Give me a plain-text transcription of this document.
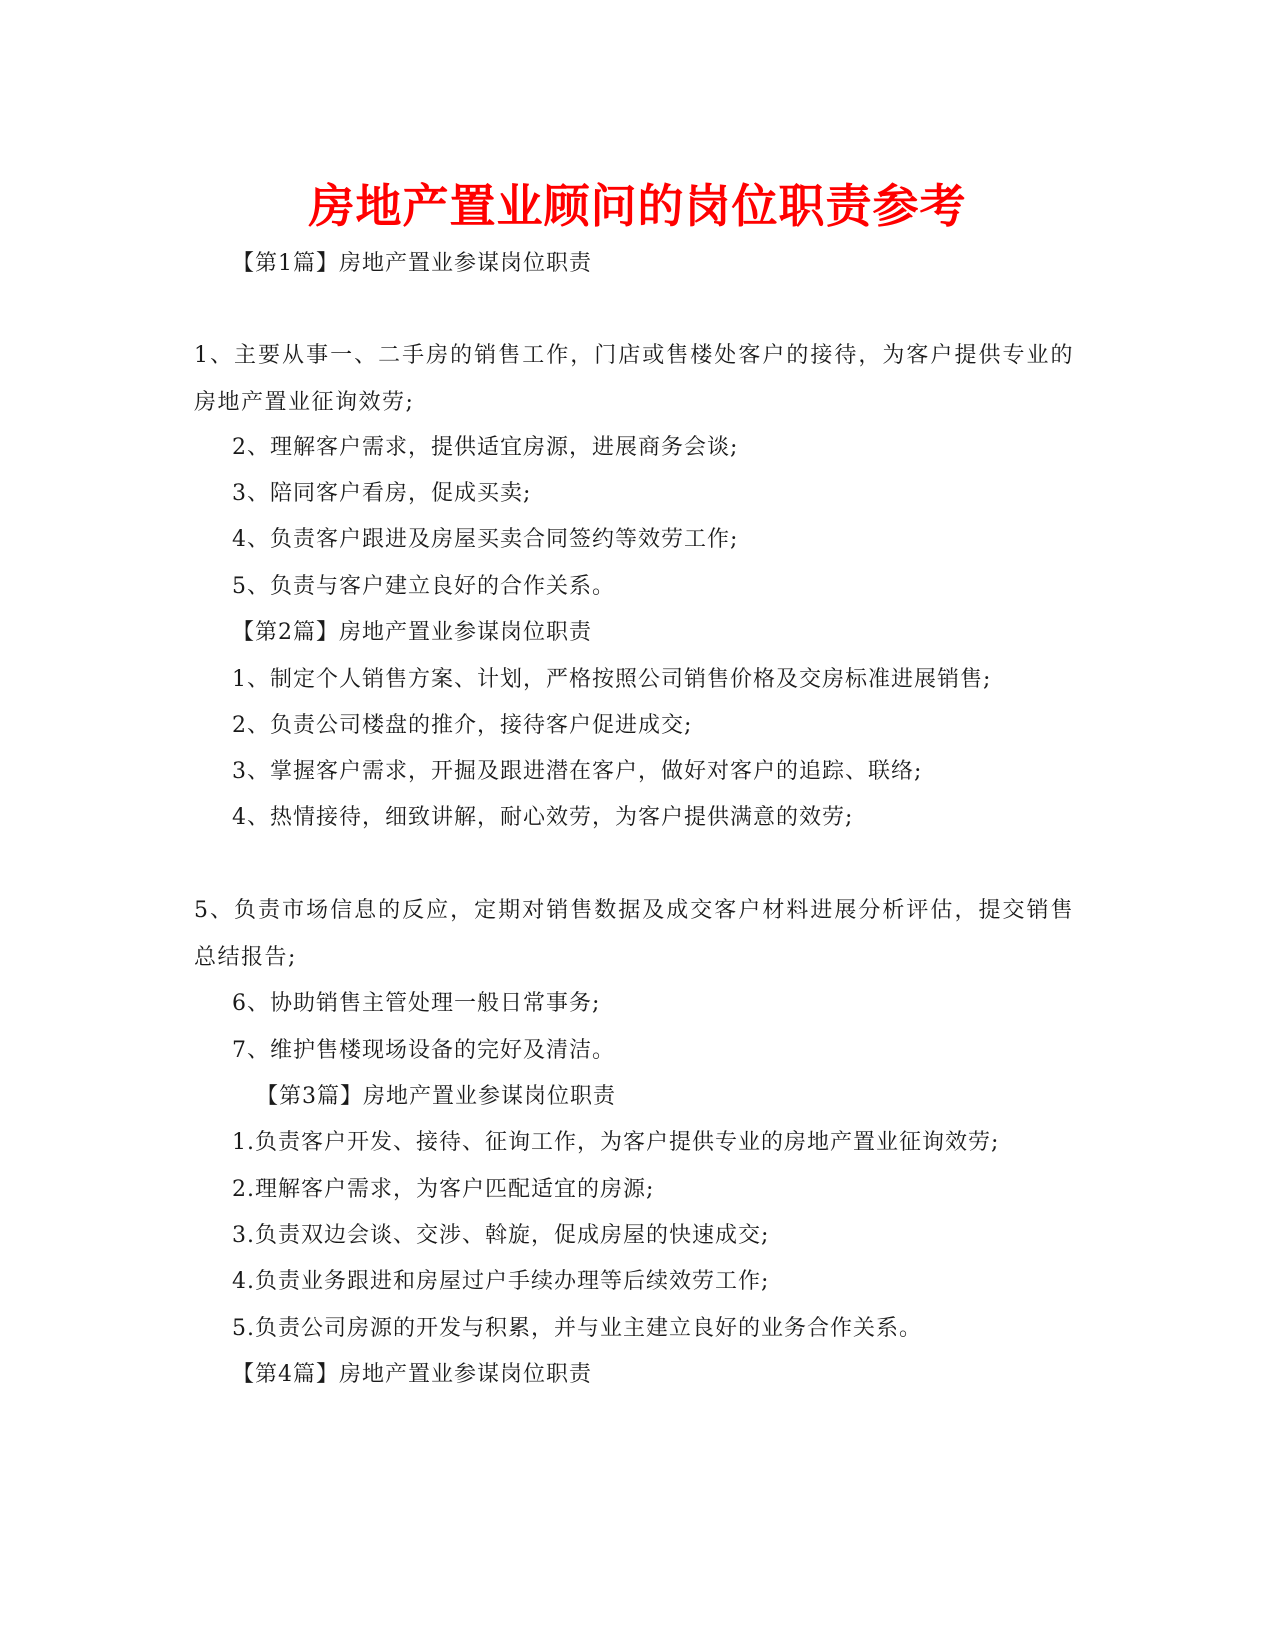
房地产置业顾问的岗位职责参考
【第1篇】房地产置业参谋岗位职责
1、主要从事一、二手房的销售工作，门店或售楼处客户的接待，为客户提供专业的房地产置业征询效劳;
2、理解客户需求，提供适宜房源，进展商务会谈;
3、陪同客户看房，促成买卖;
4、负责客户跟进及房屋买卖合同签约等效劳工作;
5、负责与客户建立良好的合作关系。
【第2篇】房地产置业参谋岗位职责
1、制定个人销售方案、计划，严格按照公司销售价格及交房标准进展销售;
2、负责公司楼盘的推介，接待客户促进成交;
3、掌握客户需求，开掘及跟进潜在客户，做好对客户的追踪、联络;
4、热情接待，细致讲解，耐心效劳，为客户提供满意的效劳;
5、负责市场信息的反应，定期对销售数据及成交客户材料进展分析评估，提交销售总结报告;
6、协助销售主管处理一般日常事务;
7、维护售楼现场设备的完好及清洁。
【第3篇】房地产置业参谋岗位职责
1.负责客户开发、接待、征询工作，为客户提供专业的房地产置业征询效劳;
2.理解客户需求，为客户匹配适宜的房源;
3.负责双边会谈、交涉、斡旋，促成房屋的快速成交;
4.负责业务跟进和房屋过户手续办理等后续效劳工作;
5.负责公司房源的开发与积累，并与业主建立良好的业务合作关系。
【第4篇】房地产置业参谋岗位职责
